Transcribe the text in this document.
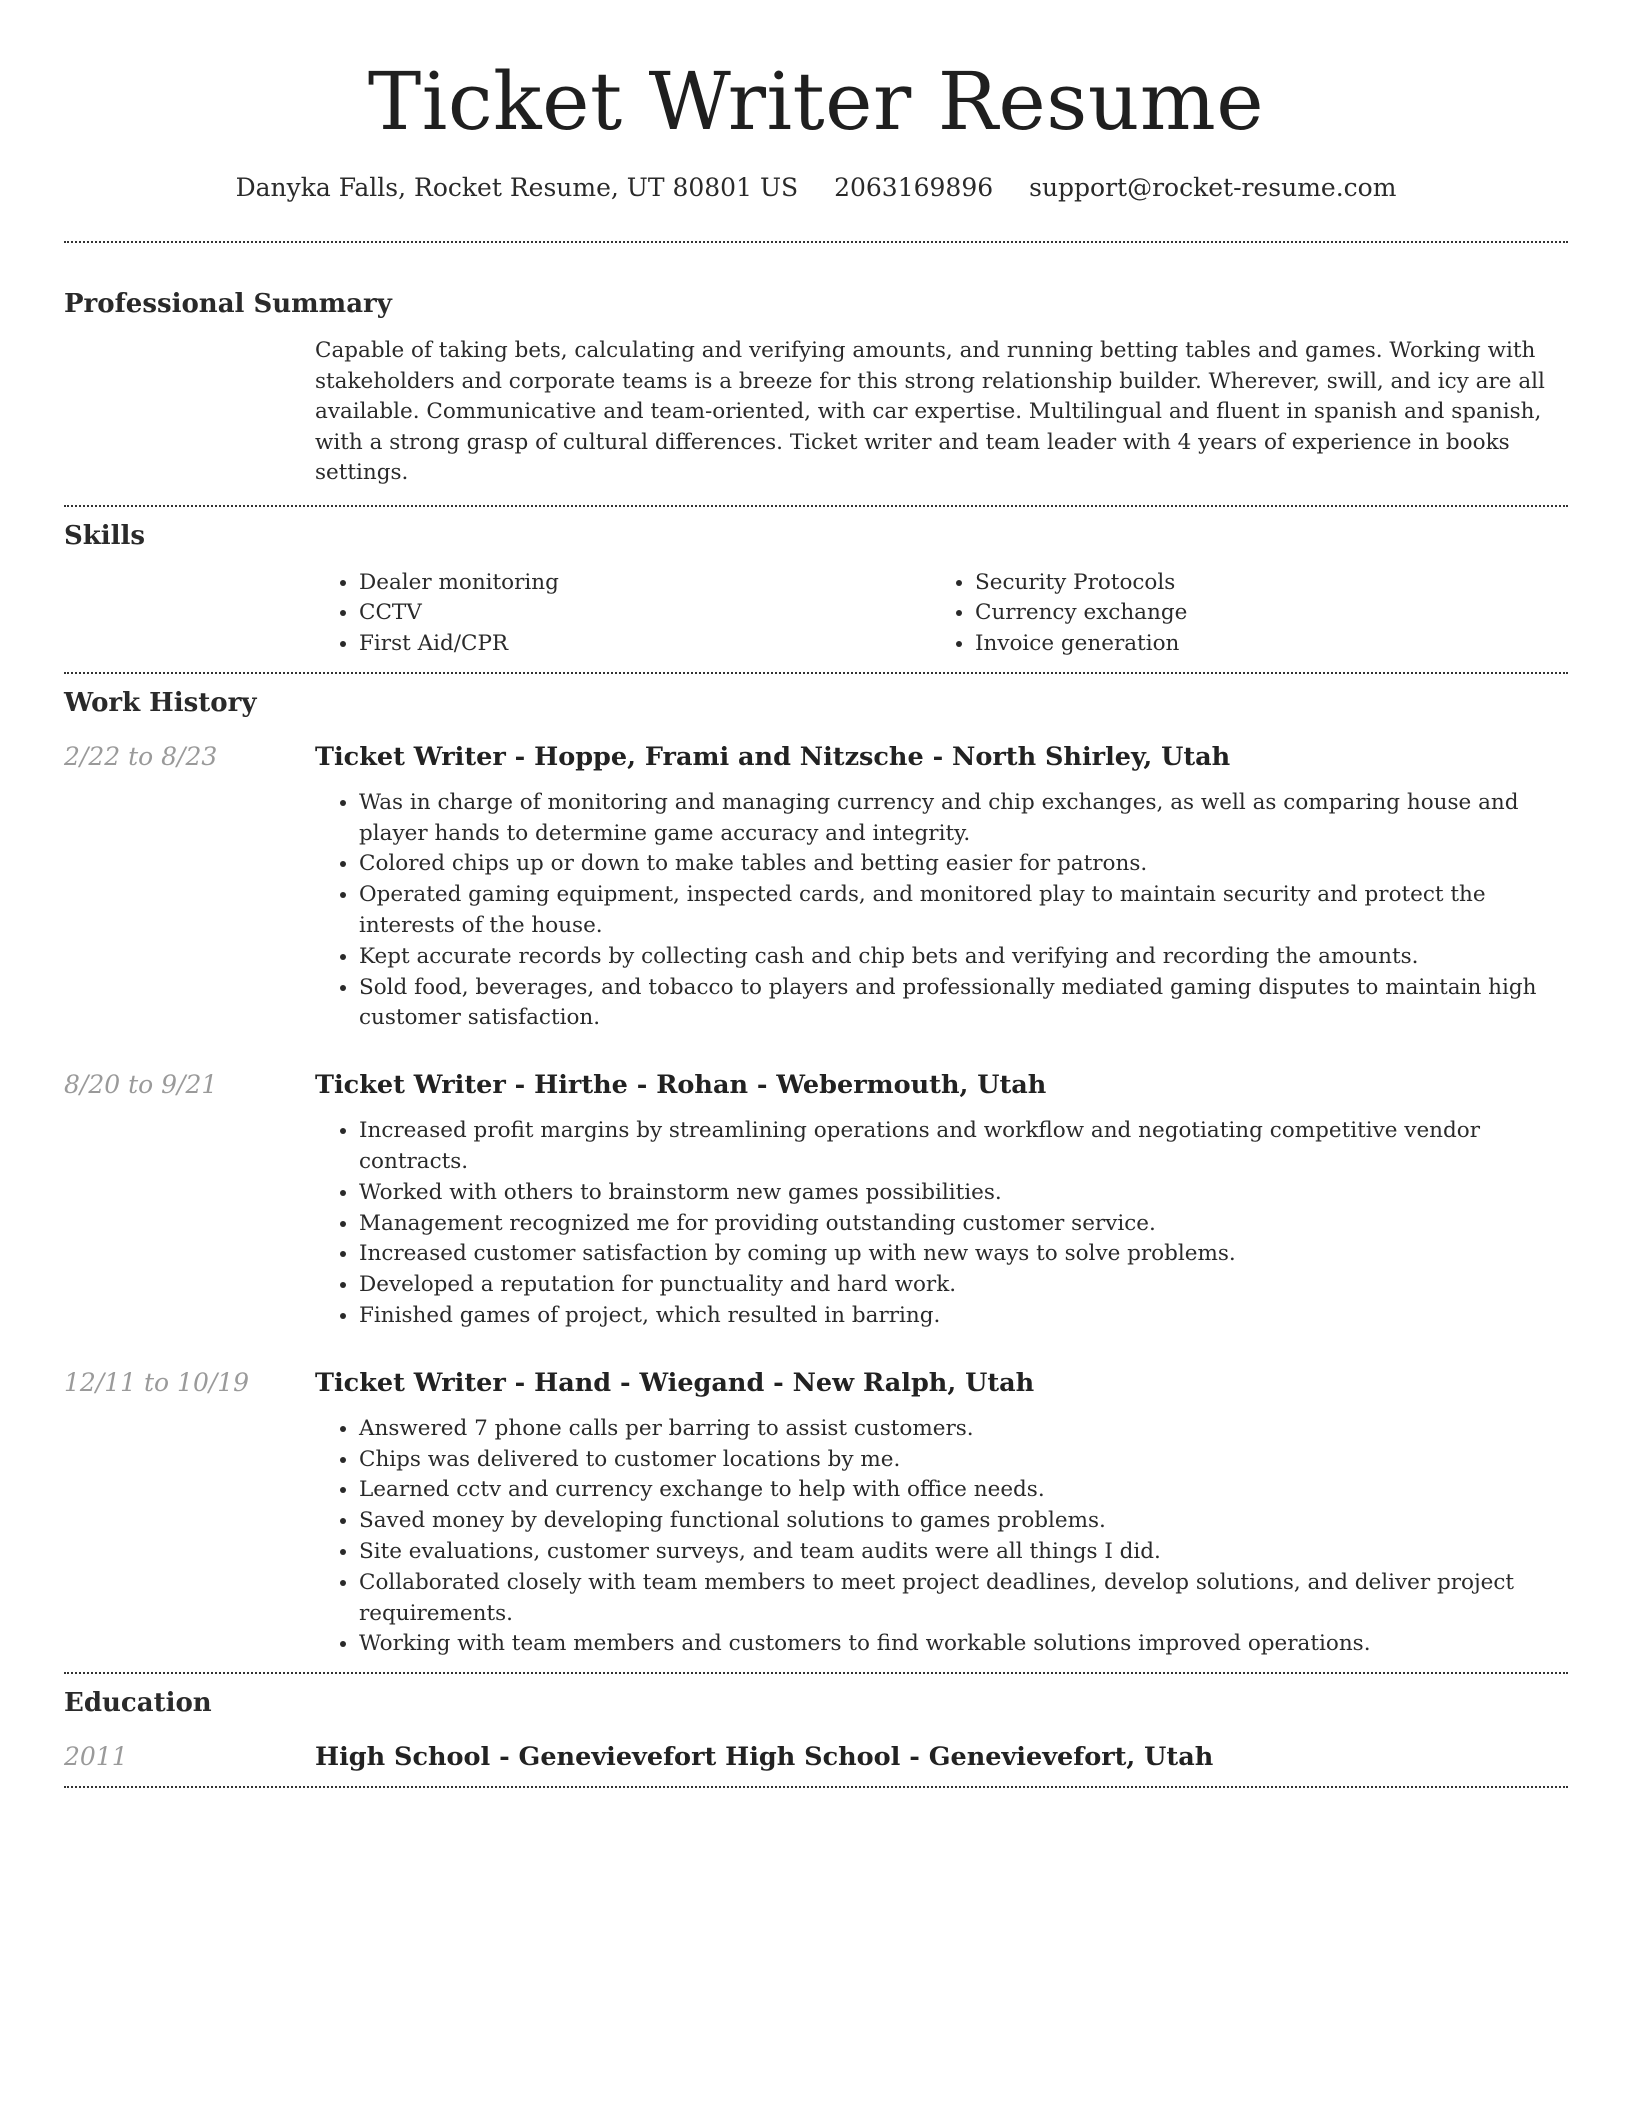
Ticket Writer Resume
Danyka Falls, Rocket Resume, UT 80801 US 2063169896 support@rocket-resume.com
Professional Summary

Capable of taking bets, calculating and verifying amounts, and running betting tables and games. Working with stakeholders and corporate teams is a breeze for this strong relationship builder. Wherever, swill, and icy are all available. Communicative and team-oriented, with car expertise. Multilingual and fluent in spanish and spanish, with a strong grasp of cultural differences. Ticket writer and team leader with 4 years of experience in books settings.

Skills
• Dealer monitoring
• CCTV
• First Aid/CPR
• Security Protocols
• Currency exchange
• Invoice generation
Work History
2/22 to 8/23	Ticket Writer - Hoppe, Frami and Nitzsche - North Shirley, Utah
• Was in charge of monitoring and managing currency and chip exchanges, as well as comparing house and player hands to determine game accuracy and integrity.
• Colored chips up or down to make tables and betting easier for patrons.
• Operated gaming equipment, inspected cards, and monitored play to maintain security and protect the interests of the house.
• Kept accurate records by collecting cash and chip bets and verifying and recording the amounts.
• Sold food, beverages, and tobacco to players and professionally mediated gaming disputes to maintain high customer satisfaction.
8/20 to 9/21	Ticket Writer - Hirthe - Rohan - Webermouth, Utah
• Increased profit margins by streamlining operations and workflow and negotiating competitive vendor contracts.
• Worked with others to brainstorm new games possibilities.
• Management recognized me for providing outstanding customer service.
• Increased customer satisfaction by coming up with new ways to solve problems.
• Developed a reputation for punctuality and hard work.
• Finished games of project, which resulted in barring.
12/11 to 10/19	Ticket Writer - Hand - Wiegand - New Ralph, Utah
• Answered 7 phone calls per barring to assist customers.
• Chips was delivered to customer locations by me.
• Learned cctv and currency exchange to help with office needs.
• Saved money by developing functional solutions to games problems.
• Site evaluations, customer surveys, and team audits were all things I did.
• Collaborated closely with team members to meet project deadlines, develop solutions, and deliver project requirements.
• Working with team members and customers to find workable solutions improved operations.
Education
2011	High School - Genevievefort High School - Genevievefort, Utah
